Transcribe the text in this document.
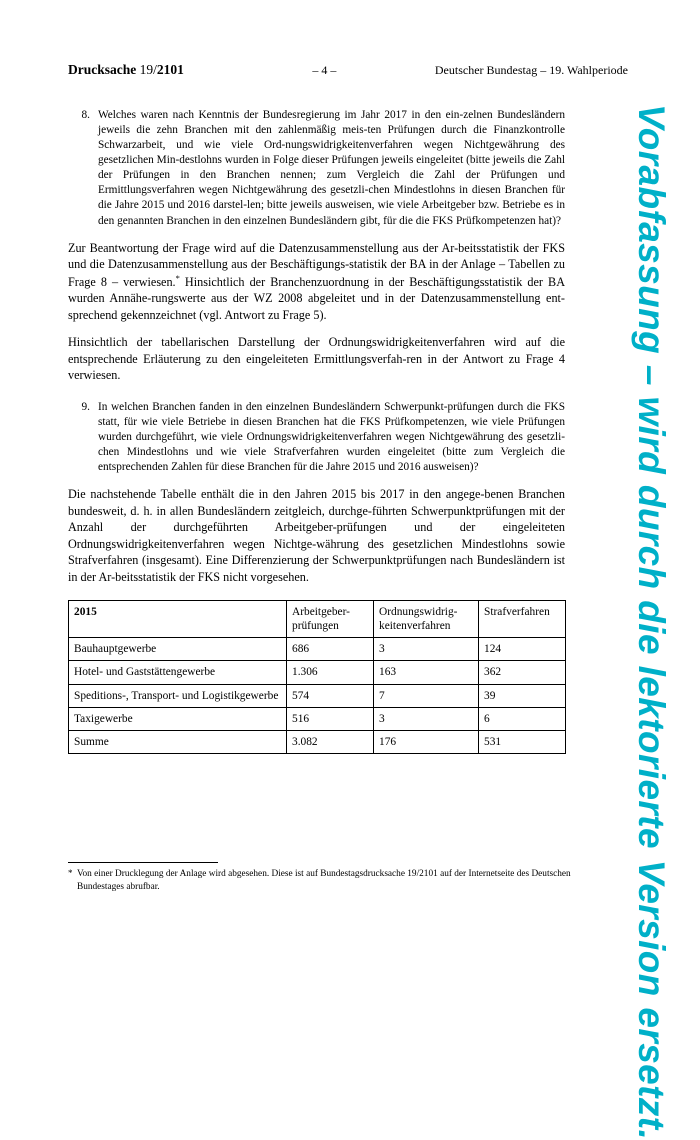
Drucksache 19/2101	– 4 –	Deutscher Bundestag – 19. Wahlperiode
8. Welches waren nach Kenntnis der Bundesregierung im Jahr 2017 in den ein-zelnen Bundesländern jeweils die zehn Branchen mit den zahlenmäßig meis-ten Prüfungen durch die Finanzkontrolle Schwarzarbeit, und wie viele Ord-nungswidrigkeitenverfahren wegen Nichtgewährung des gesetzlichen Min-destlohns wurden in Folge dieser Prüfungen jeweils eingeleitet (bitte jeweils die Zahl der Prüfungen in den Branchen nennen; zum Vergleich die Zahl der Prüfungen und Ermittlungsverfahren wegen Nichtgewährung des gesetzli-chen Mindestlohns in diesen Branchen für die Jahre 2015 und 2016 darstel-len; bitte jeweils ausweisen, wie viele Arbeitgeber bzw. Betriebe es in den genannten Branchen in den einzelnen Bundesländern gibt, für die die FKS Prüfkompetenzen hat)?

Zur Beantwortung der Frage wird auf die Datenzusammenstellung aus der Ar-beitsstatistik der FKS und die Datenzusammenstellung aus der Beschäftigungs-statistik der BA in der Anlage – Tabellen zu Frage 8 – verwiesen.* Hinsichtlich der Branchenzuordnung in der Beschäftigungsstatistik der BA wurden Annähe-rungswerte aus der WZ 2008 abgeleitet und in der Datenzusammenstellung ent-sprechend gekennzeichnet (vgl. Antwort zu Frage 5).

Hinsichtlich der tabellarischen Darstellung der Ordnungswidrigkeitenverfahren wird auf die entsprechende Erläuterung zu den eingeleiteten Ermittlungsverfah-ren in der Antwort zu Frage 4 verwiesen.

9. In welchen Branchen fanden in den einzelnen Bundesländern Schwerpunkt-prüfungen durch die FKS statt, für wie viele Betriebe in diesen Branchen hat die FKS Prüfkompetenzen, wie viele Prüfungen wurden durchgeführt, wie viele Ordnungswidrigkeitenverfahren wegen Nichtgewährung des gesetzli-chen Mindestlohns und wie viele Strafverfahren wurden eingeleitet (bitte zum Vergleich die entsprechenden Zahlen für diese Branchen für die Jahre 2015 und 2016 ausweisen)?

Die nachstehende Tabelle enthält die in den Jahren 2015 bis 2017 in den angege-benen Branchen bundesweit, d. h. in allen Bundesländern zeitgleich, durchge-führten Schwerpunktprüfungen mit der Anzahl der durchgeführten Arbeitgeber-prüfungen und der eingeleiteten Ordnungswidrigkeitenverfahren wegen Nichtge-währung des gesetzlichen Mindestlohns sowie Strafverfahren (insgesamt). Eine Differenzierung der Schwerpunktprüfungen nach Bundesländern ist in der Ar-beitsstatistik der FKS nicht vorgesehen.

2015	Arbeitgeber-prüfungen	Ordnungswidrig-keitenverfahren	Strafverfahren
Bauhauptgewerbe	686	3	124
Hotel- und Gaststättengewerbe	1.306	163	362
Speditions-, Transport- und Logistikgewerbe	574	7	39
Taxigewerbe	516	3	6
Summe	3.082	176	531
* Von einer Drucklegung der Anlage wird abgesehen. Diese ist auf Bundestagsdrucksache 19/2101 auf der Internetseite des Deutschen Bundestages abrufbar.	Vorabfassung – wird durch die lektorierte Version ersetzt.
